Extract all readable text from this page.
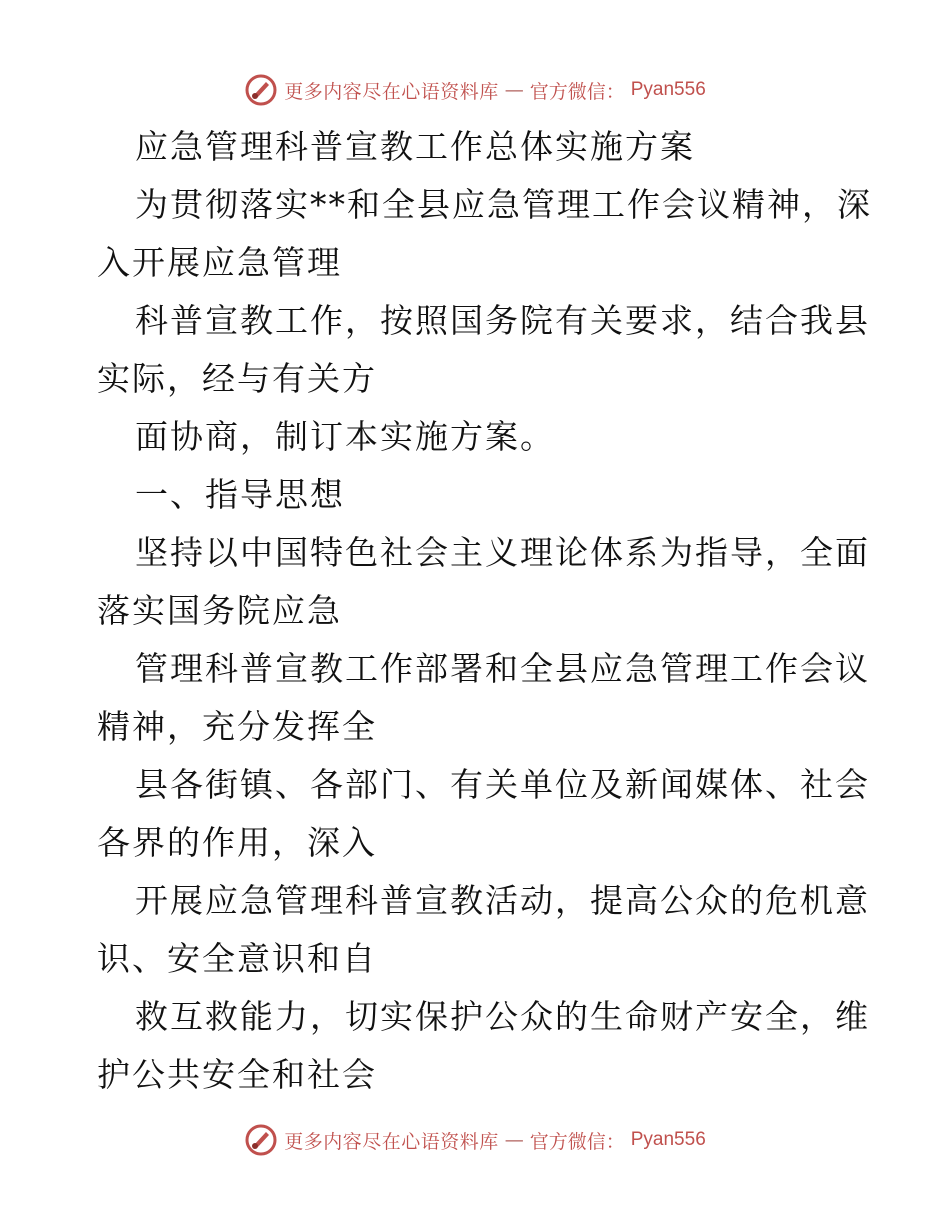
更多内容尽在心语资料库 — 官方微信： Pyan556
应急管理科普宣教工作总体实施方案
为贯彻落实**和全县应急管理工作会议精神，深
入开展应急管理
科普宣教工作，按照国务院有关要求，结合我县
实际，经与有关方
面协商，制订本实施方案。
一、指导思想
坚持以中国特色社会主义理论体系为指导，全面
落实国务院应急
管理科普宣教工作部署和全县应急管理工作会议
精神，充分发挥全
县各街镇、各部门、有关单位及新闻媒体、社会
各界的作用，深入
开展应急管理科普宣教活动，提高公众的危机意
识、安全意识和自
救互救能力，切实保护公众的生命财产安全，维
护公共安全和社会
更多内容尽在心语资料库 — 官方微信： Pyan556
